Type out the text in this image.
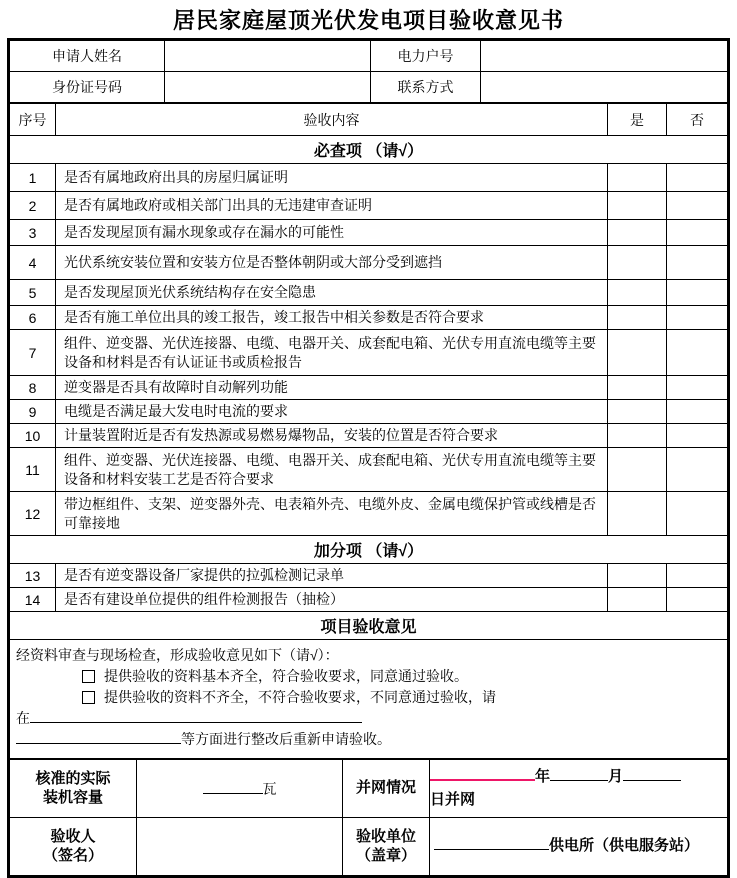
居民家庭屋顶光伏发电项目验收意见书
申请人姓名		电力户号	
身份证号码		联系方式	
序号	验收内容	是	否
必查项 （请√）			
1	是否有属地政府出具的房屋归属证明		
2	是否有属地政府或相关部门出具的无违建审查证明		
3	是否发现屋顶有漏水现象或存在漏水的可能性		
4	光伏系统安装位置和安装方位是否整体朝阴或大部分受到遮挡		
5	是否发现屋顶光伏系统结构存在安全隐患		
6	是否有施工单位出具的竣工报告，竣工报告中相关参数是否符合要求		
7	组件、逆变器、光伏连接器、电缆、电器开关、成套配电箱、光伏专用直流电缆等主要设备和材料是否有认证证书或质检报告		
8	逆变器是否具有故障时自动解列功能		
9	电缆是否满足最大发电时电流的要求		
10	计量装置附近是否有发热源或易燃易爆物品，安装的位置是否符合要求		
11	组件、逆变器、光伏连接器、电缆、电器开关、成套配电箱、光伏专用直流电缆等主要设备和材料安装工艺是否符合要求		
12	带边框组件、支架、逆变器外壳、电表箱外壳、电缆外皮、金属电缆保护管或线槽是否可靠接地		
加分项 （请√）			
13	是否有逆变器设备厂家提供的拉弧检测记录单		
14	是否有建设单位提供的组件检测报告（抽检）		
项目验收意见			

经资料审查与现场检查，形成验收意见如下（请√）：
提供验收的资料基本齐全，符合验收要求，同意通过验收。
提供验收的资料不齐全，不符合验收要求，不同意通过验收，请
在
等方面进行整改后重新申请验收。			
核准的实际
装机容量	瓦	并网情况	年 月
日并网
验收人
（签名）		验收单位
（盖章）	供电所（供电服务站）
